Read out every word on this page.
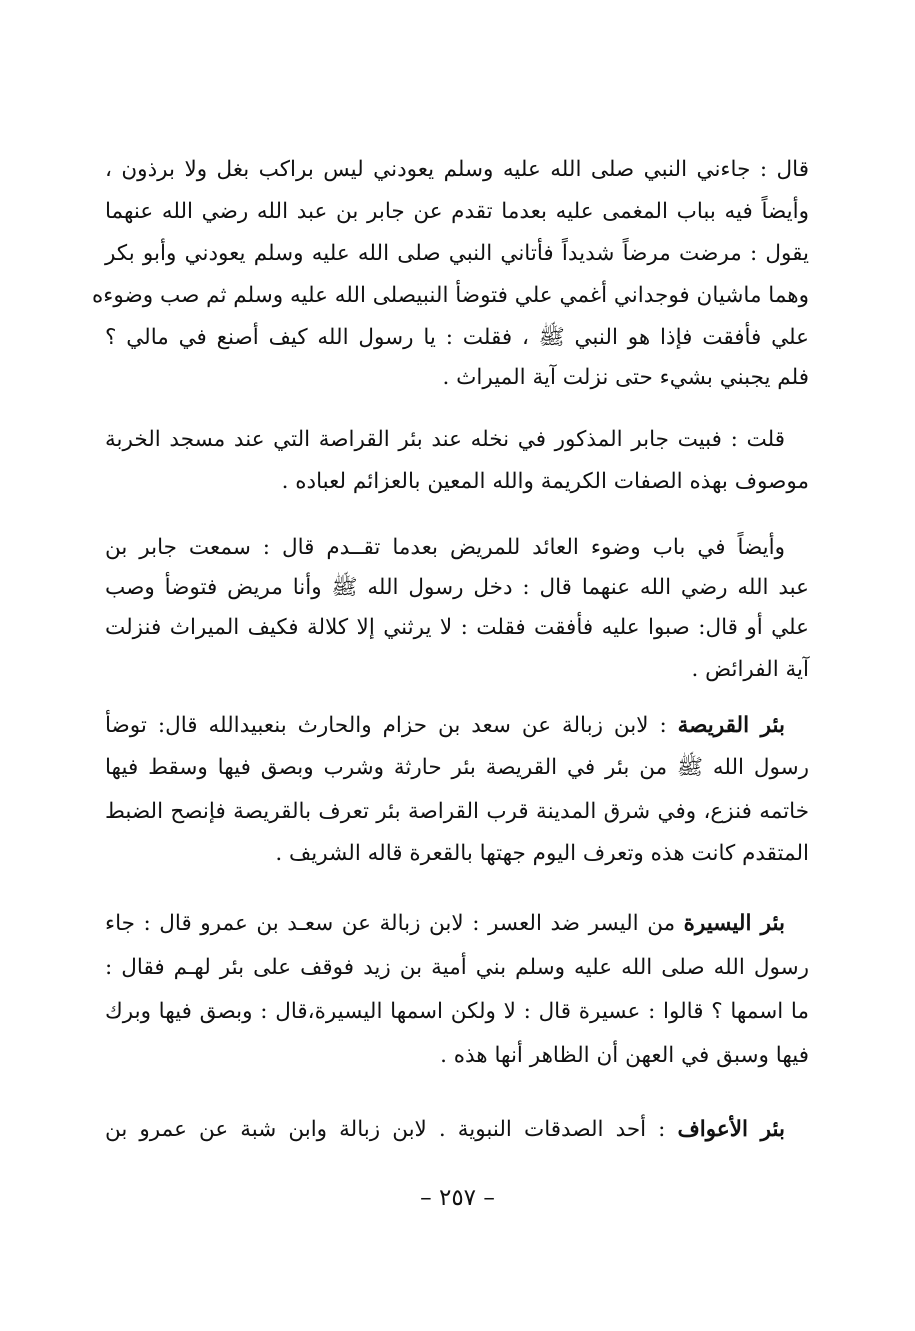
قال : جاءني النبي صلى الله عليه وسلم يعودني ليس براكب بغل ولا برذون ،
وأيضاً فيه بباب المغمى عليه بعدما تقدم عن جابر بن عبد الله رضي الله عنهما
يقول : مرضت مرضاً شديداً فأتاني النبي صلى الله عليه وسلم يعودني وأبو بكر
وهما ماشيان فوجداني أغمي علي فتوضأ النبيصلى الله عليه وسلم ثم صب وضوءه
علي فأفقت فإذا هو النبي ﷺ ، فقلت : يا رسول الله كيف أصنع في مالي ؟
فلم يجبني بشيء حتى نزلت آية الميراث .
قلت : فبيت جابر المذكور في نخله عند بئر القراصة التي عند مسجد الخربة
موصوف بهذه الصفات الكريمة والله المعين بالعزائم لعباده .
وأيضاً في باب وضوء العائد للمريض بعدما تقــدم قال : سمعت جابر بن
عبد الله رضي الله عنهما قال : دخل رسول الله ﷺ وأنا مريض فتوضأ وصب
علي أو قال: صبوا عليه فأفقت فقلت : لا يرثني إلا كلالة فكيف الميراث فنزلت
آية الفرائض .
بئر القريصة : لابن زبالة عن سعد بن حزام والحارث بنعبيدالله قال: توضأ
رسول الله ﷺ من بئر في القريصة بئر حارثة وشرب وبصق فيها وسقط فيها
خاتمه فنزع، وفي شرق المدينة قرب القراصة بئر تعرف بالقريصة فإنصح الضبط
المتقدم كانت هذه وتعرف اليوم جهتها بالقعرة قاله الشريف .
بئر اليسيرة من اليسر ضد العسر : لابن زبالة عن سعـد بن عمرو قال : جاء
رسول الله صلى الله عليه وسلم بني أمية بن زيد فوقف على بئر لهـم فقال :
ما اسمها ؟ قالوا : عسيرة قال : لا ولكن اسمها اليسيرة،قال : وبصق فيها وبرك
فيها وسبق في العهن أن الظاهر أنها هذه .
بئر الأعواف : أحد الصدقات النبوية . لابن زبالة وابن شبة عن عمرو بن
– ٢٥٧ –
